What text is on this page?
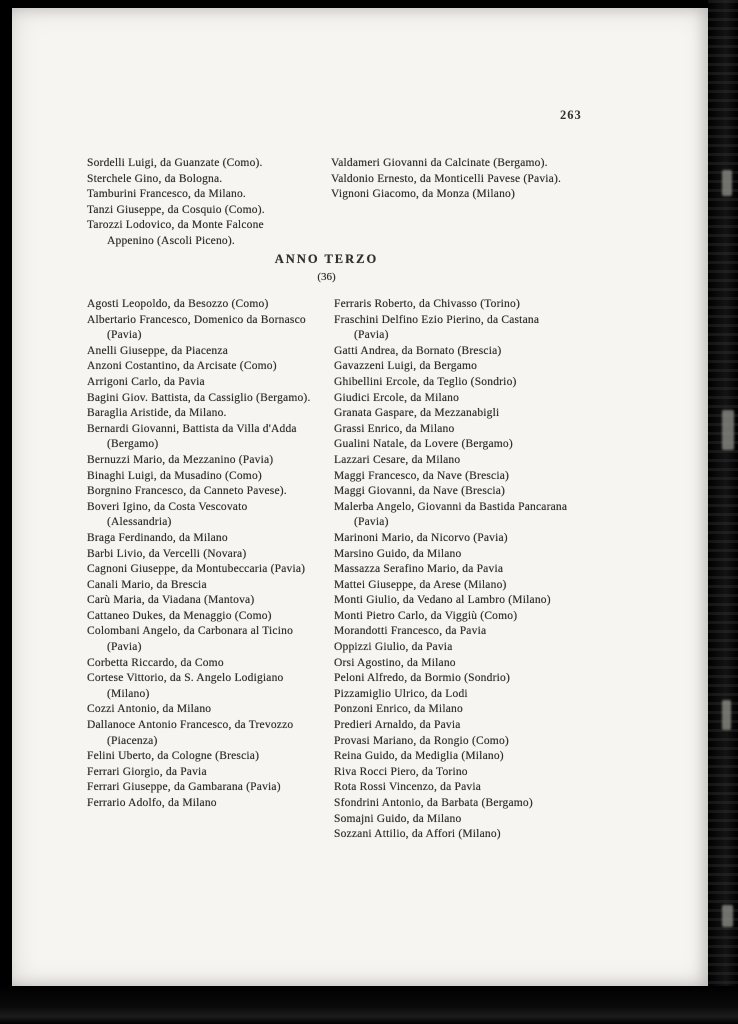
263

Sordelli Luigi, da Guanzate (Como).

Sterchele Gino, da Bologna.

Tamburini Francesco, da Milano.

Tanzi Giuseppe, da Cosquio (Como).

Tarozzi Lodovico, da Monte Falcone Appenino (Ascoli Piceno).

Valdameri Giovanni da Calcinate (Bergamo).

Valdonio Ernesto, da Monticelli Pavese (Pavia).

Vignoni Giacomo, da Monza (Milano)

ANNO TERZO
(36)

Agosti Leopoldo, da Besozzo (Como)

Albertario Francesco, Domenico da Bornasco (Pavia)

Anelli Giuseppe, da Piacenza

Anzoni Costantino, da Arcisate (Como)

Arrigoni Carlo, da Pavia

Bagini Giov. Battista, da Cassiglio (Bergamo).

Baraglia Aristide, da Milano.

Bernardi Giovanni, Battista da Villa d'Adda (Bergamo)

Bernuzzi Mario, da Mezzanino (Pavia)

Binaghi Luigi, da Musadino (Como)

Borgnino Francesco, da Canneto Pavese).

Boveri Igino, da Costa Vescovato (Alessandria)

Braga Ferdinando, da Milano

Barbi Livio, da Vercelli (Novara)

Cagnoni Giuseppe, da Montubeccaria (Pavia)

Canali Mario, da Brescia

Carù Maria, da Viadana (Mantova)

Cattaneo Dukes, da Menaggio (Como)

Colombani Angelo, da Carbonara al Ticino (Pavia)

Corbetta Riccardo, da Como

Cortese Vittorio, da S. Angelo Lodigiano (Milano)

Cozzi Antonio, da Milano

Dallanoce Antonio Francesco, da Trevozzo (Piacenza)

Felini Uberto, da Cologne (Brescia)

Ferrari Giorgio, da Pavia

Ferrari Giuseppe, da Gambarana (Pavia)

Ferrario Adolfo, da Milano

Ferraris Roberto, da Chivasso (Torino)

Fraschini Delfino Ezio Pierino, da Castana (Pavia)

Gatti Andrea, da Bornato (Brescia)

Gavazzeni Luigi, da Bergamo

Ghibellini Ercole, da Teglio (Sondrio)

Giudici Ercole, da Milano

Granata Gaspare, da Mezzanabigli

Grassi Enrico, da Milano

Gualini Natale, da Lovere (Bergamo)

Lazzari Cesare, da Milano

Maggi Francesco, da Nave (Brescia)

Maggi Giovanni, da Nave (Brescia)

Malerba Angelo, Giovanni da Bastida Pancarana (Pavia)

Marinoni Mario, da Nicorvo (Pavia)

Marsino Guido, da Milano

Massazza Serafino Mario, da Pavia

Mattei Giuseppe, da Arese (Milano)

Monti Giulio, da Vedano al Lambro (Milano)

Monti Pietro Carlo, da Viggiù (Como)

Morandotti Francesco, da Pavia

Oppizzi Giulio, da Pavia

Orsi Agostino, da Milano

Peloni Alfredo, da Bormio (Sondrio)

Pizzamiglio Ulrico, da Lodi

Ponzoni Enrico, da Milano

Predieri Arnaldo, da Pavia

Provasi Mariano, da Rongio (Como)

Reina Guido, da Mediglia (Milano)

Riva Rocci Piero, da Torino

Rota Rossi Vincenzo, da Pavia

Sfondrini Antonio, da Barbata (Bergamo)

Somajni Guido, da Milano

Sozzani Attilio, da Affori (Milano)
